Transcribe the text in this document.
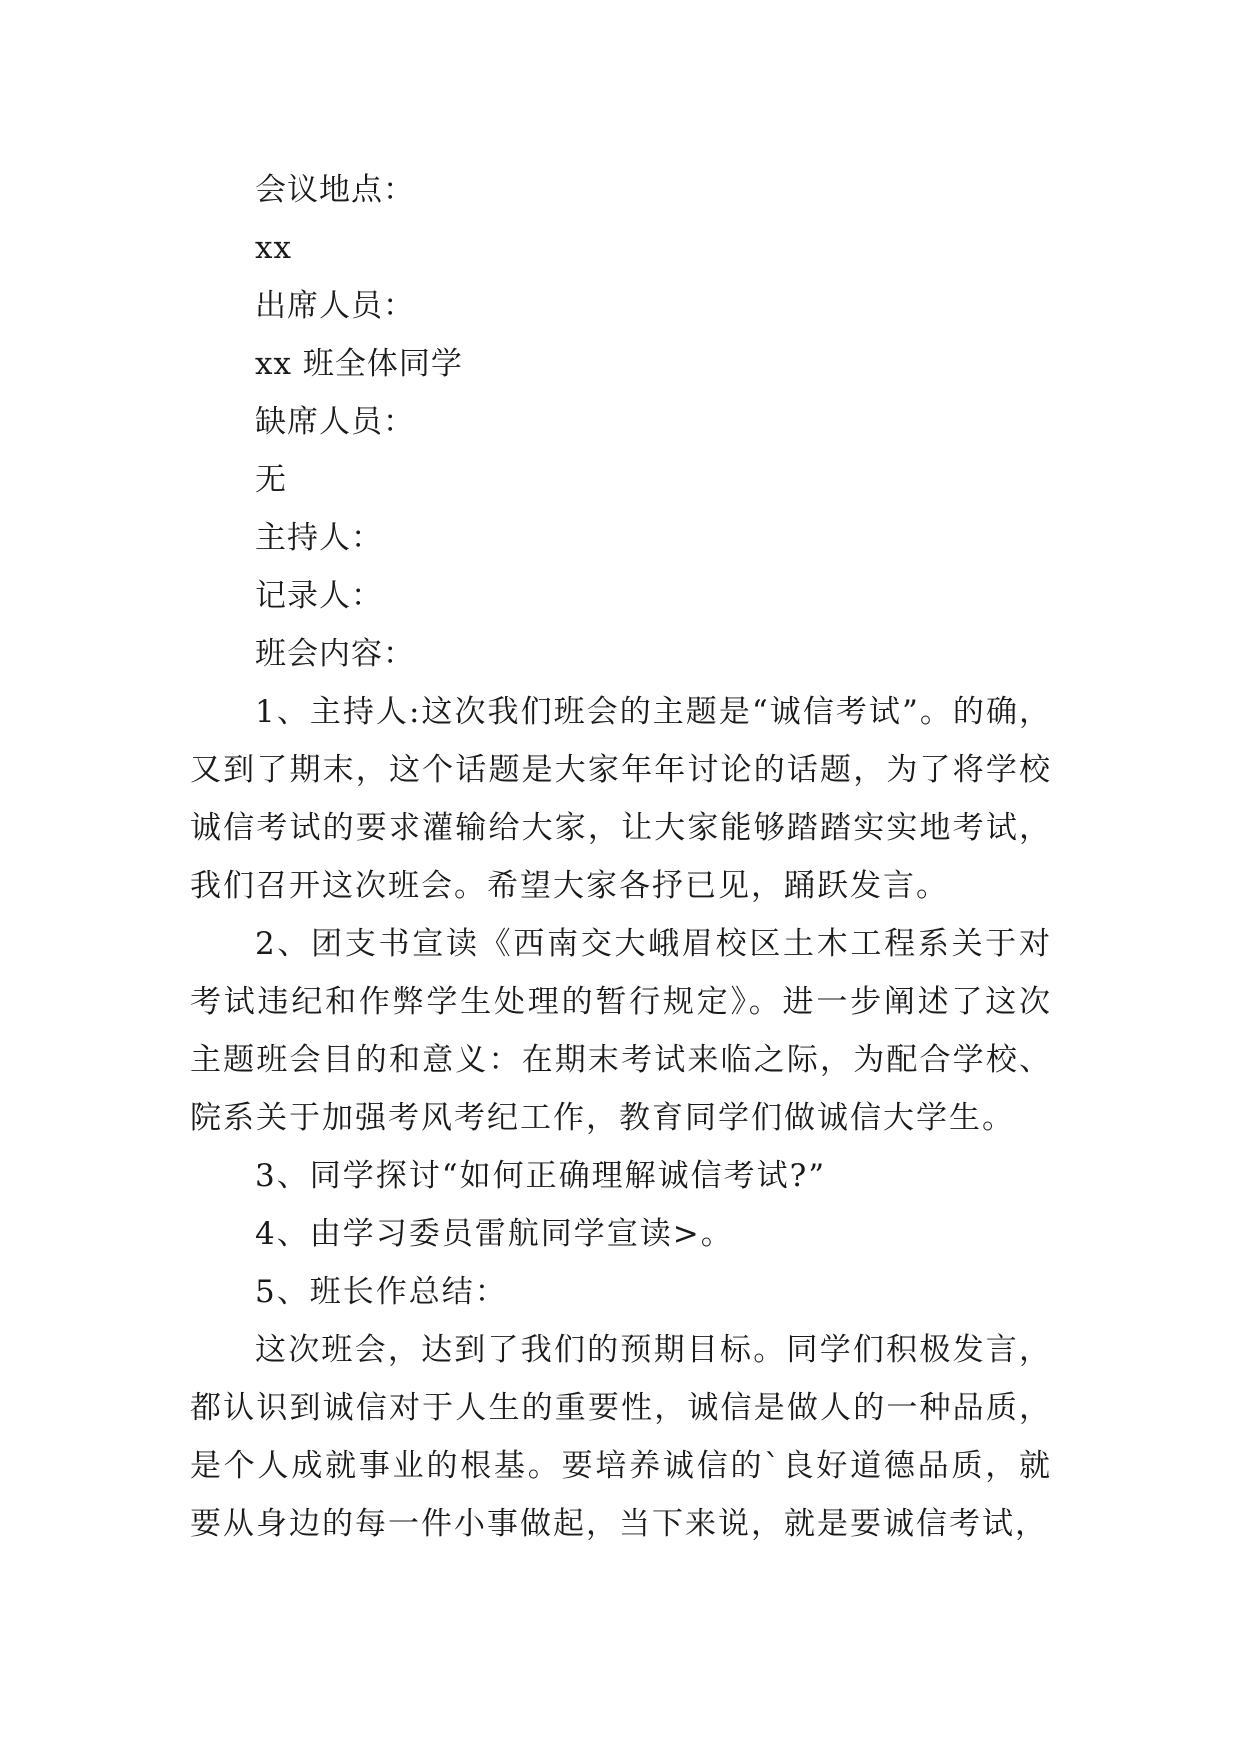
会议地点：

xx

出席人员：

xx 班全体同学

缺席人员：

无

主持人：

记录人：

班会内容：

1、主持人:这次我们班会的主题是“诚信考试”。的确，又到了期末，这个话题是大家年年讨论的话题，为了将学校诚信考试的要求灌输给大家，让大家能够踏踏实实地考试，我们召开这次班会。希望大家各抒已见，踊跃发言。

2、团支书宣读《西南交大峨眉校区土木工程系关于对考试违纪和作弊学生处理的暂行规定》。进一步阐述了这次主题班会目的和意义：在期末考试来临之际，为配合学校、院系关于加强考风考纪工作，教育同学们做诚信大学生。

3、同学探讨“如何正确理解诚信考试?”

4、由学习委员雷航同学宣读>。

5、班长作总结：

这次班会，达到了我们的预期目标。同学们积极发言，都认识到诚信对于人生的重要性，诚信是做人的一种品质，是个人成就事业的根基。要培养诚信的`良好道德品质，就要从身边的每一件小事做起，当下来说，就是要诚信考试，
